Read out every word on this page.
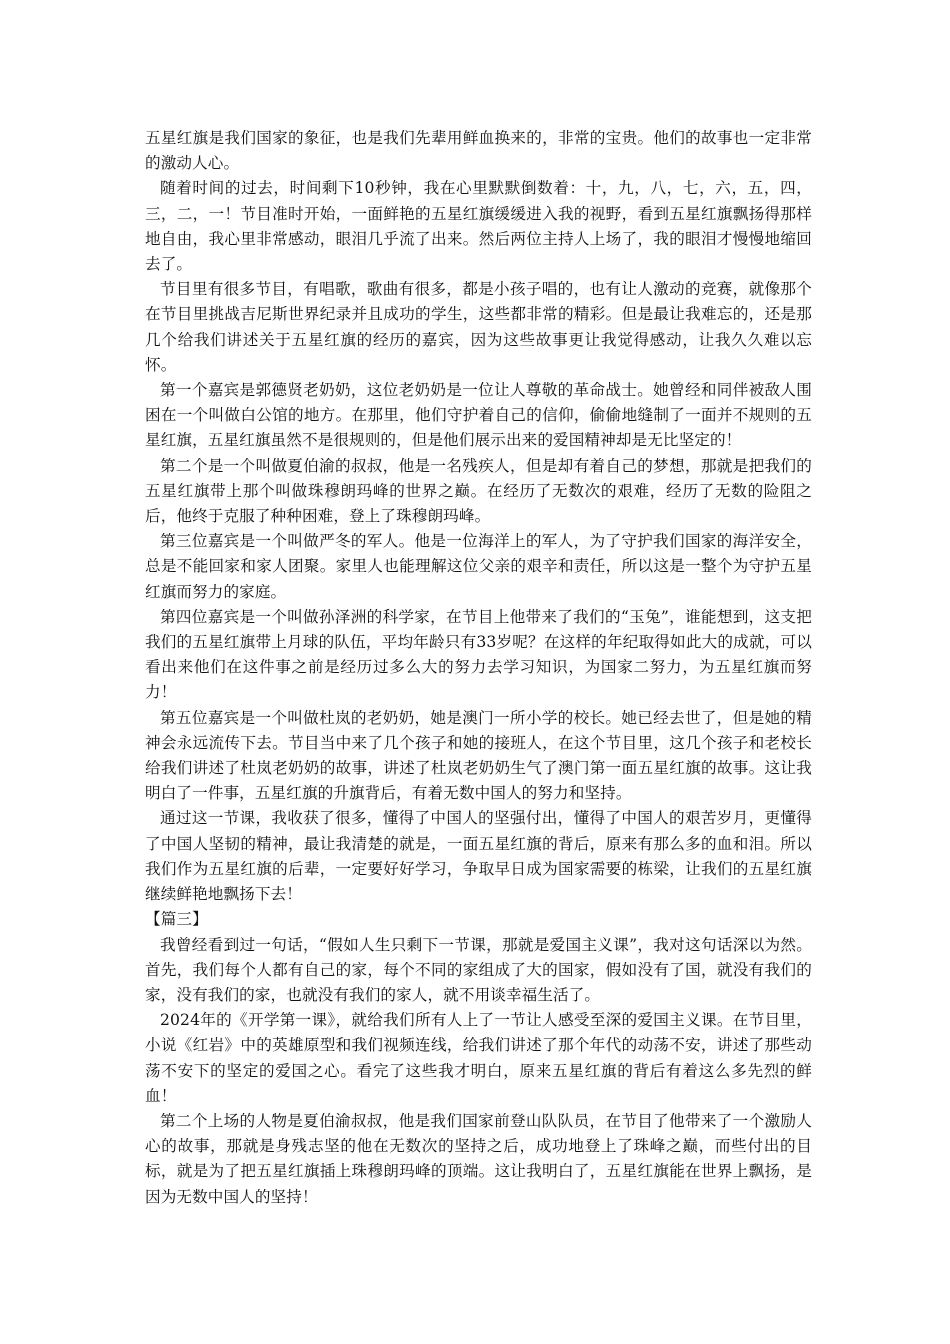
五星红旗是我们国家的象征，也是我们先辈用鲜血换来的，非常的宝贵。他们的故事也一定非常的激动人心。

随着时间的过去，时间剩下10秒钟，我在心里默默倒数着：十，九，八，七，六，五，四，三，二，一！节目准时开始，一面鲜艳的五星红旗缓缓进入我的视野，看到五星红旗飘扬得那样地自由，我心里非常感动，眼泪几乎流了出来。然后两位主持人上场了，我的眼泪才慢慢地缩回去了。

节目里有很多节目，有唱歌，歌曲有很多，都是小孩子唱的，也有让人激动的竞赛，就像那个在节目里挑战吉尼斯世界纪录并且成功的学生，这些都非常的精彩。但是最让我难忘的，还是那几个给我们讲述关于五星红旗的经历的嘉宾，因为这些故事更让我觉得感动，让我久久难以忘怀。

第一个嘉宾是郭德贤老奶奶，这位老奶奶是一位让人尊敬的革命战士。她曾经和同伴被敌人围困在一个叫做白公馆的地方。在那里，他们守护着自己的信仰，偷偷地缝制了一面并不规则的五星红旗，五星红旗虽然不是很规则的，但是他们展示出来的爱国精神却是无比坚定的！

第二个是一个叫做夏伯渝的叔叔，他是一名残疾人，但是却有着自己的梦想，那就是把我们的五星红旗带上那个叫做珠穆朗玛峰的世界之巅。在经历了无数次的艰难，经历了无数的险阻之后，他终于克服了种种困难，登上了珠穆朗玛峰。

第三位嘉宾是一个叫做严冬的军人。他是一位海洋上的军人，为了守护我们国家的海洋安全，总是不能回家和家人团聚。家里人也能理解这位父亲的艰辛和责任，所以这是一整个为守护五星红旗而努力的家庭。

第四位嘉宾是一个叫做孙泽洲的科学家，在节目上他带来了我们的“玉兔”，谁能想到，这支把我们的五星红旗带上月球的队伍，平均年龄只有33岁呢？在这样的年纪取得如此大的成就，可以看出来他们在这件事之前是经历过多么大的努力去学习知识，为国家二努力，为五星红旗而努力！

第五位嘉宾是一个叫做杜岚的老奶奶，她是澳门一所小学的校长。她已经去世了，但是她的精神会永远流传下去。节目当中来了几个孩子和她的接班人，在这个节目里，这几个孩子和老校长给我们讲述了杜岚老奶奶的故事，讲述了杜岚老奶奶生气了澳门第一面五星红旗的故事。这让我明白了一件事，五星红旗的升旗背后，有着无数中国人的努力和坚持。

通过这一节课，我收获了很多，懂得了中国人的坚强付出，懂得了中国人的艰苦岁月，更懂得了中国人坚韧的精神，最让我清楚的就是，一面五星红旗的背后，原来有那么多的血和泪。所以我们作为五星红旗的后辈，一定要好好学习，争取早日成为国家需要的栋梁，让我们的五星红旗继续鲜艳地飘扬下去！

【篇三】

我曾经看到过一句话，“假如人生只剩下一节课，那就是爱国主义课”，我对这句话深以为然。首先，我们每个人都有自己的家，每个不同的家组成了大的国家，假如没有了国，就没有我们的家，没有我们的家，也就没有我们的家人，就不用谈幸福生活了。

2024年的《开学第一课》，就给我们所有人上了一节让人感受至深的爱国主义课。在节目里，小说《红岩》中的英雄原型和我们视频连线，给我们讲述了那个年代的动荡不安，讲述了那些动荡不安下的坚定的爱国之心。看完了这些我才明白，原来五星红旗的背后有着这么多先烈的鲜血！

第二个上场的人物是夏伯渝叔叔，他是我们国家前登山队队员，在节目了他带来了一个激励人心的故事，那就是身残志坚的他在无数次的坚持之后，成功地登上了珠峰之巅，而些付出的目标，就是为了把五星红旗插上珠穆朗玛峰的顶端。这让我明白了，五星红旗能在世界上飘扬，是因为无数中国人的坚持！
